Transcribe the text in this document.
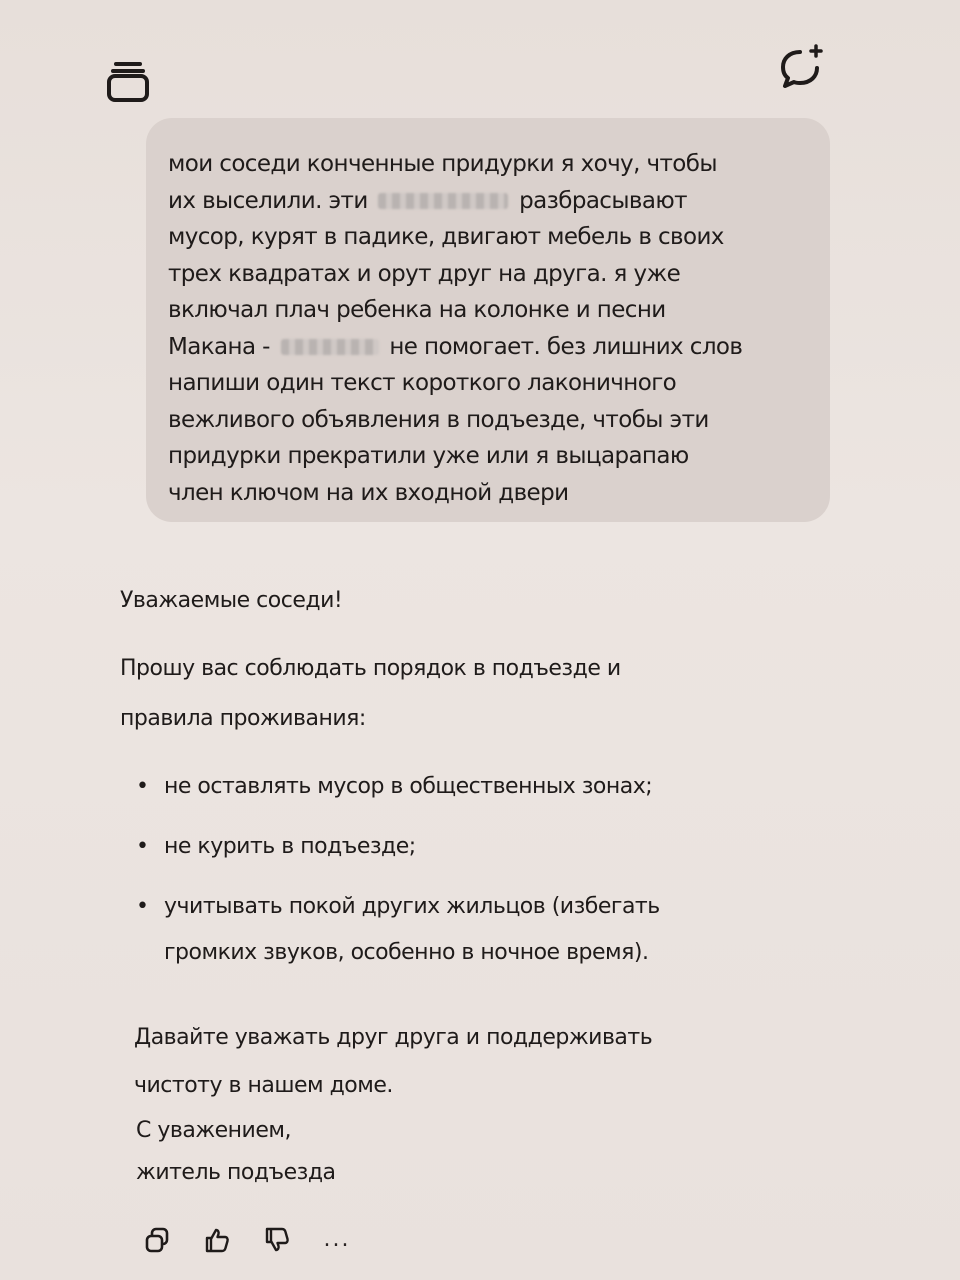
мои соседи конченные придурки я хочу, чтобы
их выселили. эти	разбрасывают
мусор, курят в падике, двигают мебель в своих
трех квадратах и орут друг на друга. я уже
включал плач ребенка на колонке и песни
Макана -	не помогает. без лишних слов
напиши один текст короткого лаконичного
вежливого объявления в подъезде, чтобы эти
придурки прекратили уже или я выцарапаю
член ключом на их входной двери

Уважаемые соседи!

Прошу вас соблюдать порядок в подъезде и

правила проживания:

• не оставлять мусор в общественных зонах;
• не курить в подъезде;
• учитывать покой других жильцов (избегать громких звуков, особенно в ночное время).

Давайте уважать друг друга и поддерживать

чистоту в нашем доме.

С уважением,

житель подъезда

...
